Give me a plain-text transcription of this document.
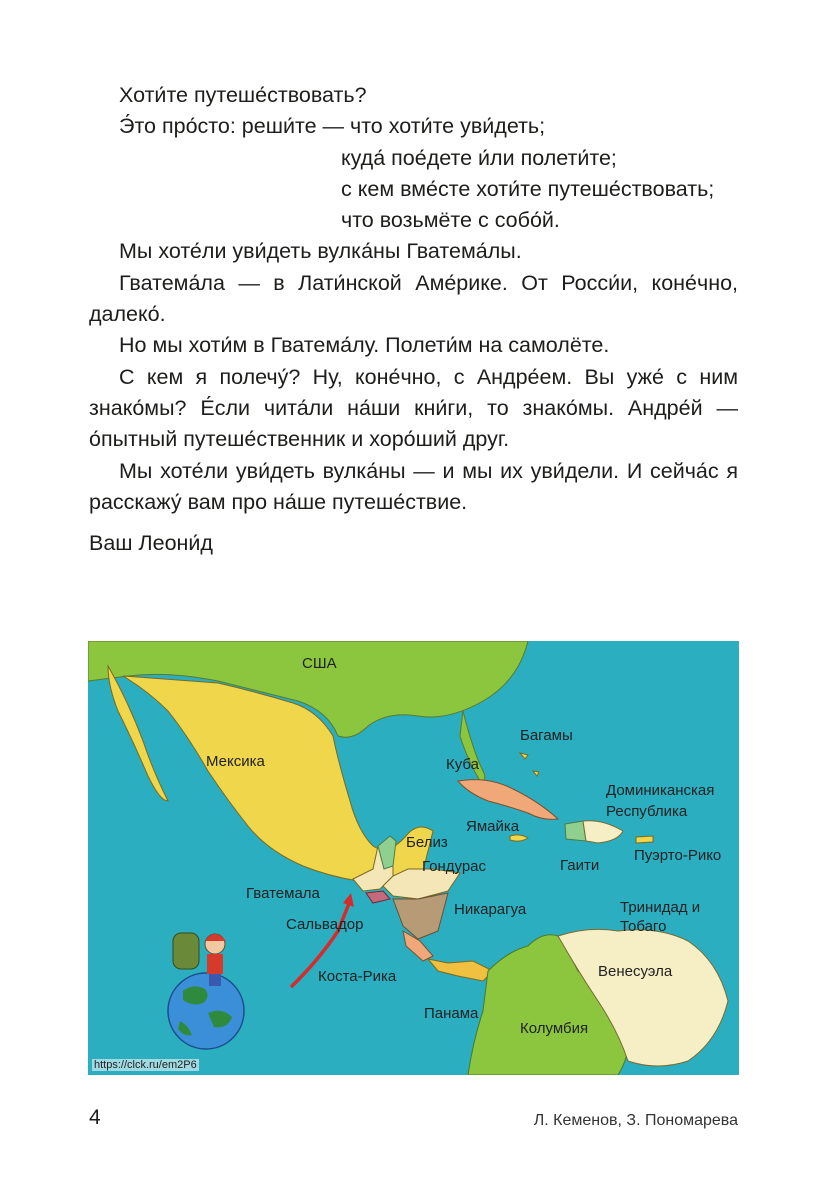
Хоти́те путеше́ствовать?

Э́то про́сто: реши́те — что хоти́те уви́деть;

куда́ пое́дете и́ли полети́те;

с кем вме́сте хоти́те путеше́ствовать;

что возьмёте с собо́й.

Мы хоте́ли уви́деть вулка́ны Гватема́лы.

Гватема́ла — в Лати́нской Аме́рике. От Росси́и, коне́чно, далеко́.

Но мы хоти́м в Гватема́лу. Полети́м на самолёте.

С кем я полечу́? Ну, коне́чно, с Андре́ем. Вы уже́ с ним знако́мы? Е́сли чита́ли на́ши кни́ги, то знако́мы. Андре́й — о́пытный путеше́ственник и хоро́ший друг.

Мы хоте́ли уви́деть вулка́ны — и мы их уви́дели. И сейча́с я расскажу́ вам про на́ше путеше́ствие.

Ваш Леони́д

США
Мексика
Багамы
Куба
Доминиканская
Республика
Ямайка
Белиз
Гаити
Пуэрто-Рико
Гондурас
Гватемала
Никарагуа
Сальвадор
Тринидад и
Тобаго
Коста-Рика	Венесуэла
Панама
Колумбия
https://clck.ru/em2P6
4	Л. Кеменов, З. Пономарева
